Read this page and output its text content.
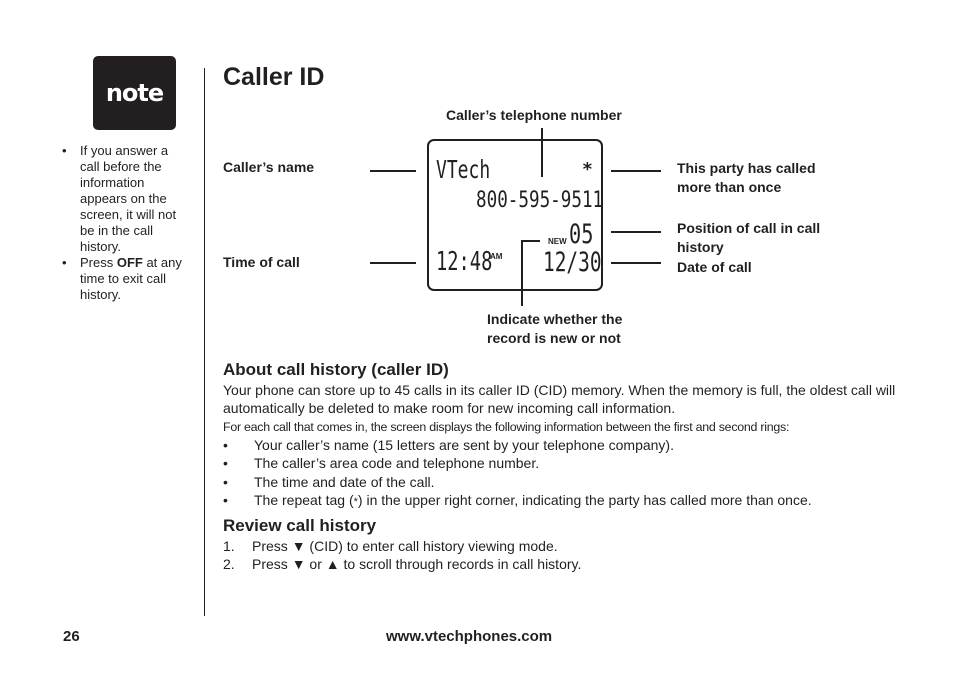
note
• If you answer a call before the information appears on the screen, it will not be in the call history.
• Press OFF at any time to exit call history.
Caller ID
Caller’s telephone number
Caller’s name
Time of call
This party has called
more than once
Position of call in call
history
Date of call
Indicate whether the
record is new or not
VTech	*
800-595-9511
NEW 05
12:48
AM 12/30
About call history (caller ID)

Your phone can store up to 45 calls in its caller ID (CID) memory. When the memory is full, the oldest call will automatically be deleted to make room for new incoming call information.

For each call that comes in, the screen displays the following information between the first and second rings:

• Your caller’s name (15 letters are sent by your telephone company).
• The caller’s area code and telephone number.
• The time and date of the call.
• The repeat tag (*) in the upper right corner, indicating the party has called more than once.
Review call history
1. Press ▼ (CID) to enter call history viewing mode.
2. Press ▼ or ▲ to scroll through records in call history.
26	www.vtechphones.com
